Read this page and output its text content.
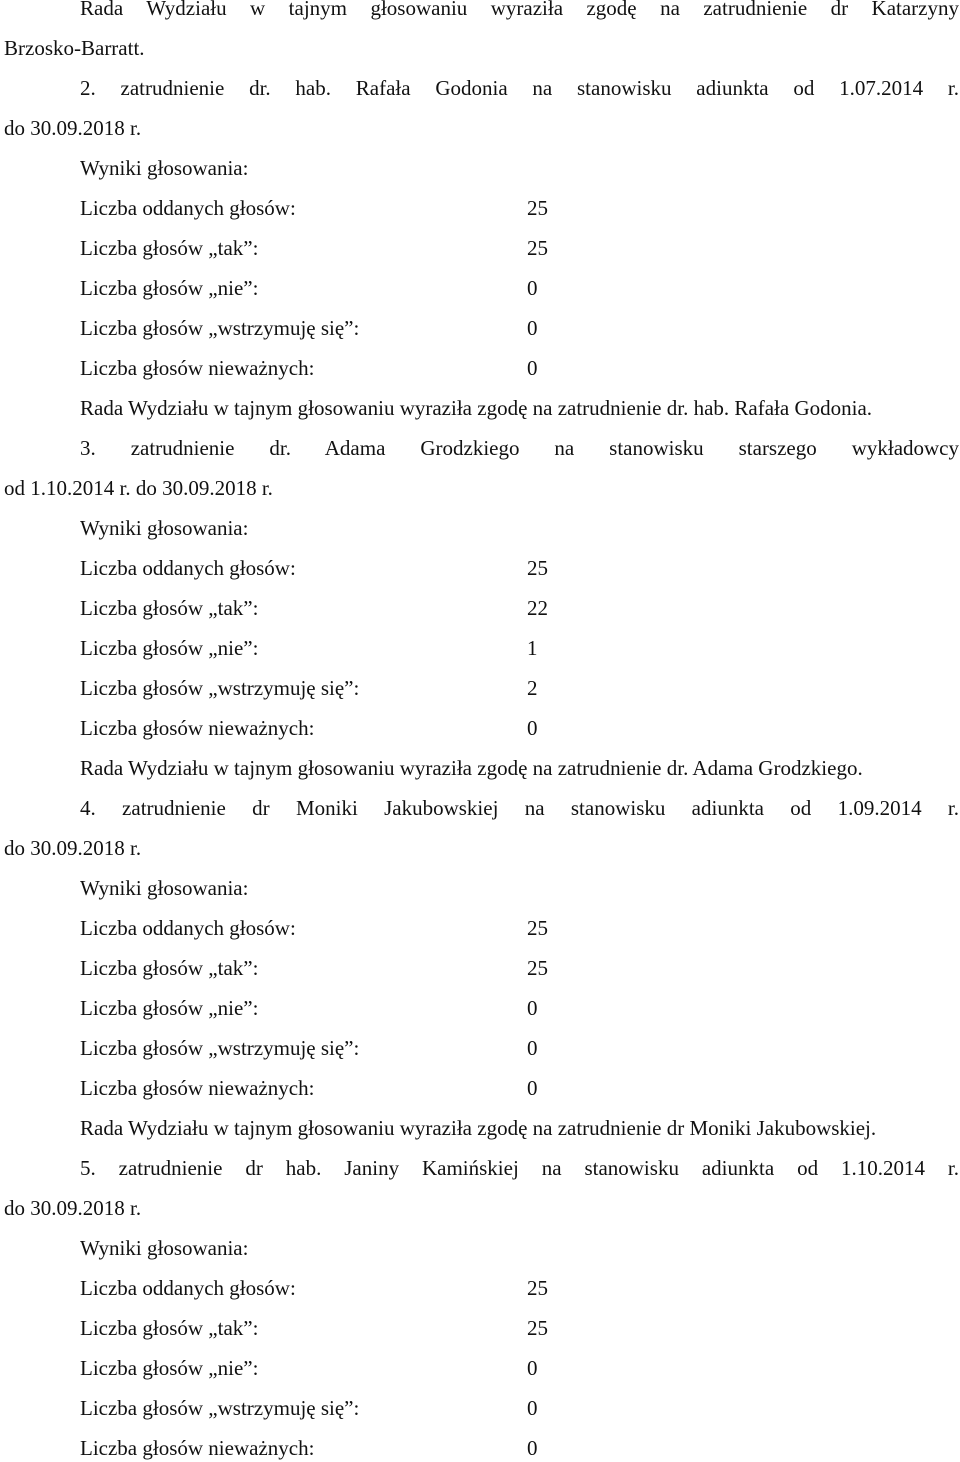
Rada Wydziału w tajnym głosowaniu wyraziła zgodę na zatrudnienie dr Katarzyny
Brzosko-Barratt.
2. zatrudnienie dr. hab. Rafała Godonia na stanowisku adiunkta od 1.07.2014 r.
do 30.09.2018 r.
Wyniki głosowania:
Liczba oddanych głosów:	25
Liczba głosów „tak”:	25
Liczba głosów „nie”:	0
Liczba głosów „wstrzymuję się”:	0
Liczba głosów nieważnych:	0
Rada Wydziału w tajnym głosowaniu wyraziła zgodę na zatrudnienie dr. hab. Rafała Godonia.
3. zatrudnienie dr. Adama Grodzkiego na stanowisku starszego wykładowcy
od 1.10.2014 r. do 30.09.2018 r.
Wyniki głosowania:
Liczba oddanych głosów:	25
Liczba głosów „tak”:	22
Liczba głosów „nie”:	1
Liczba głosów „wstrzymuję się”:	2
Liczba głosów nieważnych:	0
Rada Wydziału w tajnym głosowaniu wyraziła zgodę na zatrudnienie dr. Adama Grodzkiego.
4. zatrudnienie dr Moniki Jakubowskiej na stanowisku adiunkta od 1.09.2014 r.
do 30.09.2018 r.
Wyniki głosowania:
Liczba oddanych głosów:	25
Liczba głosów „tak”:	25
Liczba głosów „nie”:	0
Liczba głosów „wstrzymuję się”:	0
Liczba głosów nieważnych:	0
Rada Wydziału w tajnym głosowaniu wyraziła zgodę na zatrudnienie dr Moniki Jakubowskiej.
5. zatrudnienie dr hab. Janiny Kamińskiej na stanowisku adiunkta od 1.10.2014 r.
do 30.09.2018 r.
Wyniki głosowania:
Liczba oddanych głosów:	25
Liczba głosów „tak”:	25
Liczba głosów „nie”:	0
Liczba głosów „wstrzymuję się”:	0
Liczba głosów nieważnych:	0
